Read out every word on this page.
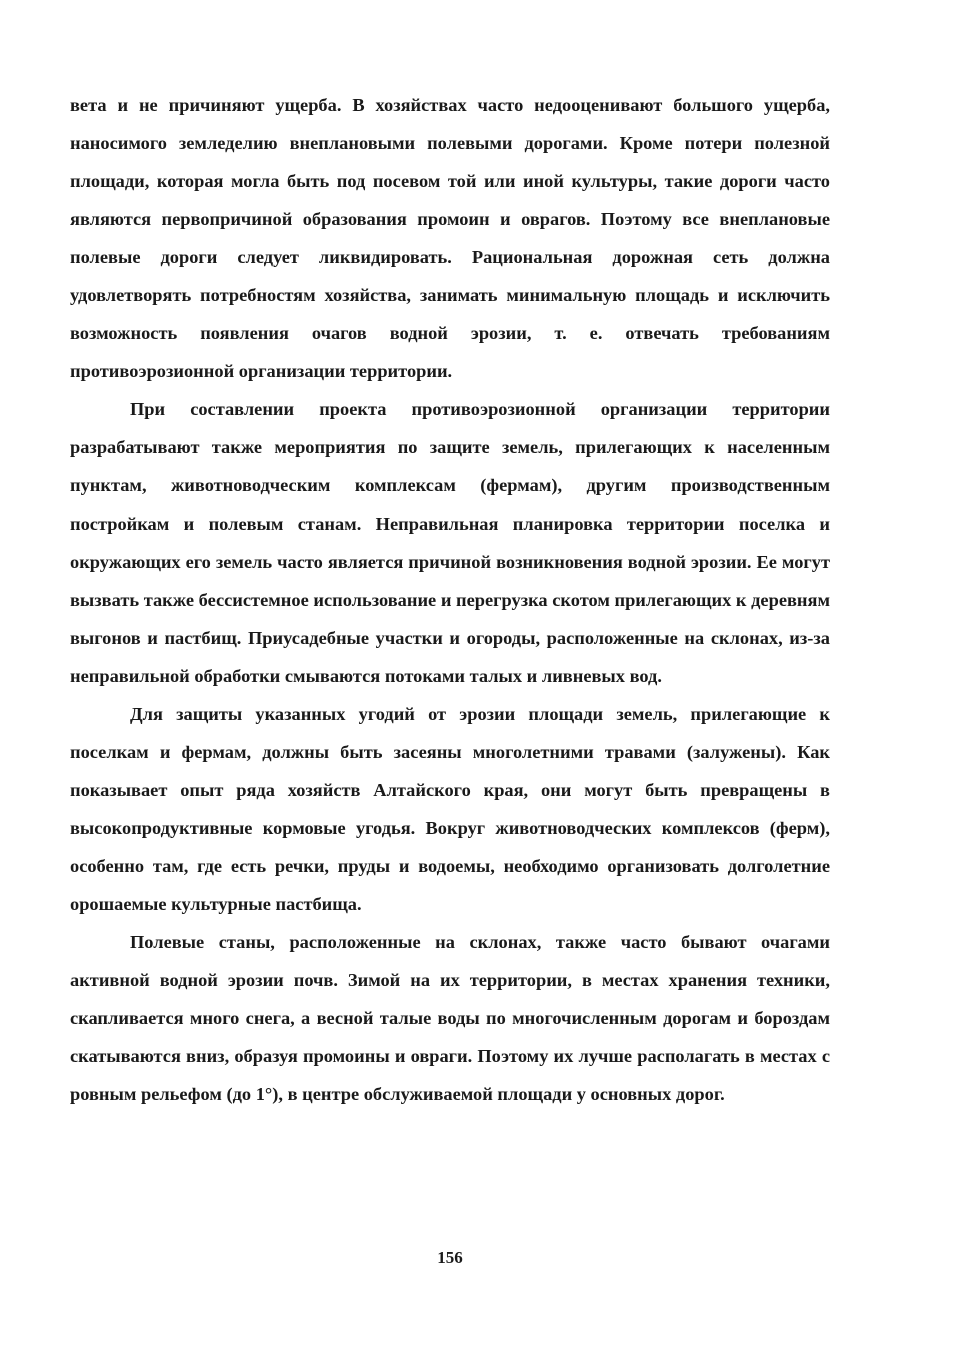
вета и не причиняют ущерба. В хозяйствах часто недооценивают большого ущерба, наносимого земледелию внеплановыми полевыми дорогами. Кроме потери полезной площади, которая могла быть под посевом той или иной культуры, такие дороги часто являются первопричиной образования промоин и оврагов. Поэтому все внеплановые полевые дороги следует ликвидировать. Рациональная дорожная сеть должна удовлетворять потребностям хозяйства, занимать минимальную площадь и исключить возможность появления очагов водной эрозии, т. е. отвечать требованиям противоэрозионной организации территории.

При составлении проекта противоэрозионной организации территории разрабатывают также мероприятия по защите земель, прилегающих к населенным пунктам, животноводческим комплексам (фермам), другим производственным постройкам и полевым станам. Неправильная планировка территории поселка и окружающих его земель часто является причиной возникновения водной эрозии. Ее могут вызвать также бессистемное использование и перегрузка скотом прилегающих к деревням выгонов и пастбищ. Приусадебные участки и огороды, расположенные на склонах, из-за неправильной обработки смываются потоками талых и ливневых вод.

Для защиты указанных угодий от эрозии площади земель, прилегающие к поселкам и фермам, должны быть засеяны многолетними травами (залужены). Как показывает опыт ряда хозяйств Алтайского края, они могут быть превращены в высокопродуктивные кормовые угодья. Вокруг животноводческих комплексов (ферм), особенно там, где есть речки, пруды и водоемы, необходимо организовать долголетние орошаемые культурные пастбища.

Полевые станы, расположенные на склонах, также часто бывают очагами активной водной эрозии почв. Зимой на их территории, в местах хранения техники, скапливается много снега, а весной талые воды по многочисленным дорогам и бороздам скатываются вниз, образуя промоины и овраги. Поэтому их лучше располагать в местах с ровным рельефом (до 1°), в центре обслуживаемой площади у основных дорог.

156
